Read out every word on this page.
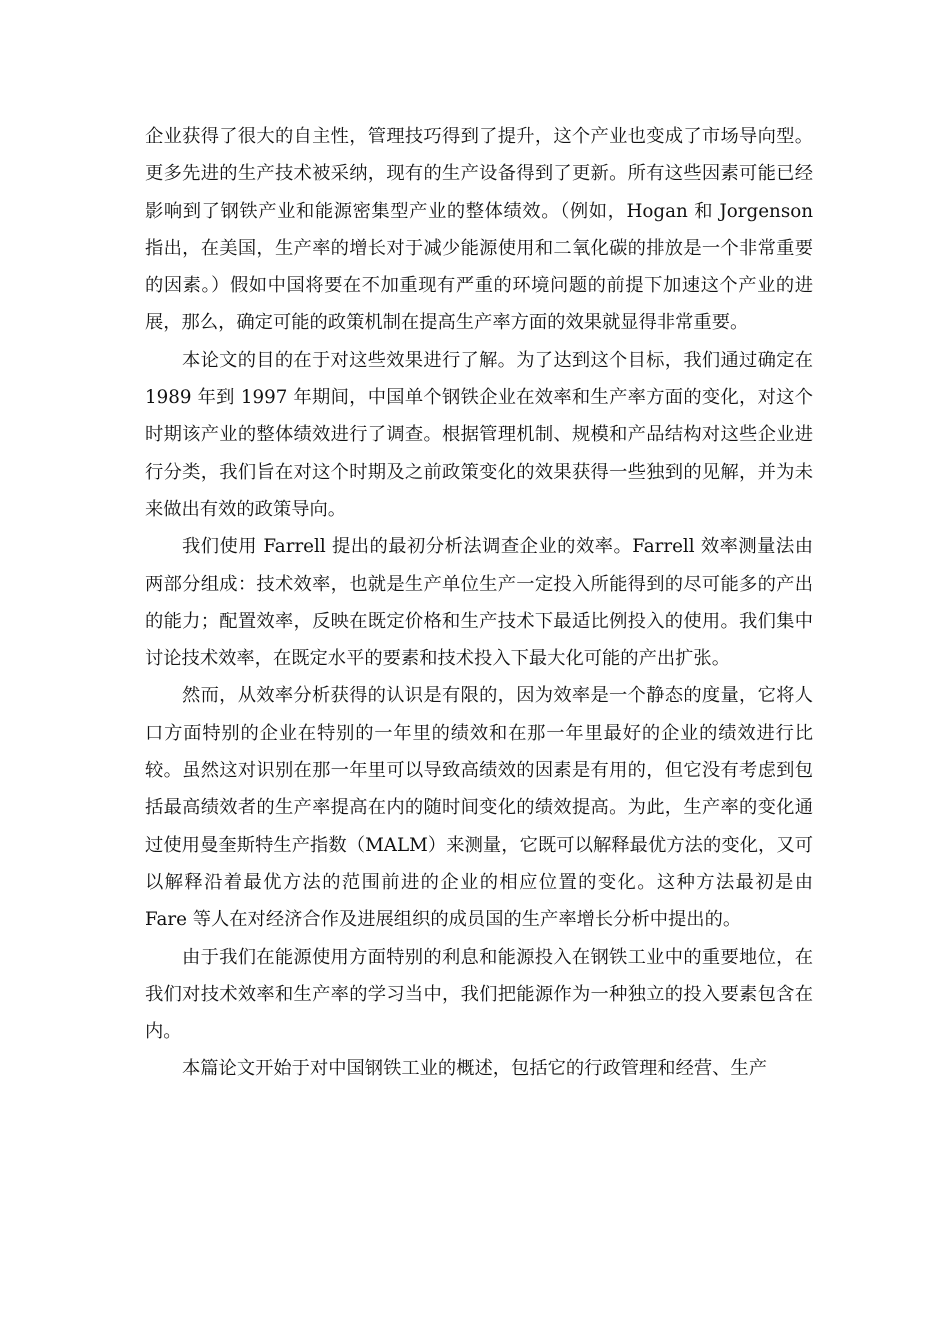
企业获得了很大的自主性，管理技巧得到了提升，这个产业也变成了市场导向型。更多先进的生产技术被采纳，现有的生产设备得到了更新。所有这些因素可能已经影响到了钢铁产业和能源密集型产业的整体绩效。（例如，Hogan 和 Jorgenson 指出，在美国，生产率的增长对于减少能源使用和二氧化碳的排放是一个非常重要的因素。）假如中国将要在不加重现有严重的环境问题的前提下加速这个产业的进展，那么，确定可能的政策机制在提高生产率方面的效果就显得非常重要。

本论文的目的在于对这些效果进行了解。为了达到这个目标，我们通过确定在 1989 年到 1997 年期间，中国单个钢铁企业在效率和生产率方面的变化，对这个时期该产业的整体绩效进行了调查。根据管理机制、规模和产品结构对这些企业进行分类，我们旨在对这个时期及之前政策变化的效果获得一些独到的见解，并为未来做出有效的政策导向。

我们使用 Farrell 提出的最初分析法调查企业的效率。Farrell 效率测量法由两部分组成：技术效率，也就是生产单位生产一定投入所能得到的尽可能多的产出的能力；配置效率，反映在既定价格和生产技术下最适比例投入的使用。我们集中讨论技术效率，在既定水平的要素和技术投入下最大化可能的产出扩张。

然而，从效率分析获得的认识是有限的，因为效率是一个静态的度量，它将人口方面特别的企业在特别的一年里的绩效和在那一年里最好的企业的绩效进行比较。虽然这对识别在那一年里可以导致高绩效的因素是有用的，但它没有考虑到包括最高绩效者的生产率提高在内的随时间变化的绩效提高。为此，生产率的变化通过使用曼奎斯特生产指数（MALM）来测量，它既可以解释最优方法的变化，又可以解释沿着最优方法的范围前进的企业的相应位置的变化。这种方法最初是由 Fare 等人在对经济合作及进展组织的成员国的生产率增长分析中提出的。

由于我们在能源使用方面特别的利息和能源投入在钢铁工业中的重要地位，在我们对技术效率和生产率的学习当中，我们把能源作为一种独立的投入要素包含在内。

本篇论文开始于对中国钢铁工业的概述，包括它的行政管理和经营、生产
